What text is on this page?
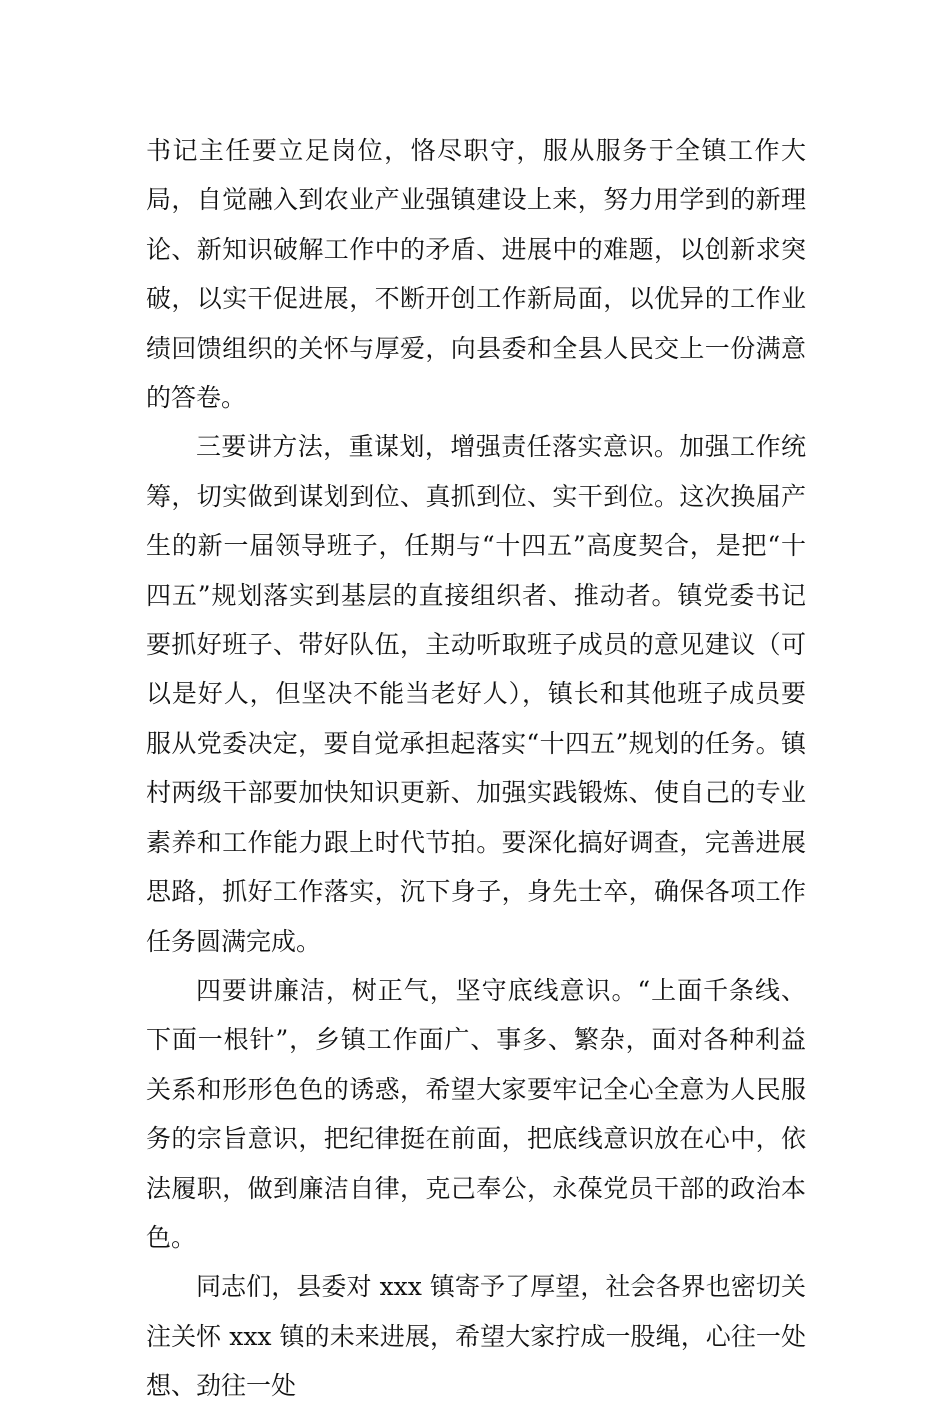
书记主任要立足岗位，恪尽职守，服从服务于全镇工作大局，自觉融入到农业产业强镇建设上来，努力用学到的新理论、新知识破解工作中的矛盾、进展中的难题，以创新求突破，以实干促进展，不断开创工作新局面，以优异的工作业绩回馈组织的关怀与厚爱，向县委和全县人民交上一份满意的答卷。

三要讲方法，重谋划，增强责任落实意识。加强工作统筹，切实做到谋划到位、真抓到位、实干到位。这次换届产生的新一届领导班子，任期与“十四五”高度契合，是把“十四五”规划落实到基层的直接组织者、推动者。镇党委书记要抓好班子、带好队伍，主动听取班子成员的意见建议（可以是好人，但坚决不能当老好人），镇长和其他班子成员要服从党委决定，要自觉承担起落实“十四五”规划的任务。镇村两级干部要加快知识更新、加强实践锻炼、使自己的专业素养和工作能力跟上时代节拍。要深化搞好调查，完善进展思路，抓好工作落实，沉下身子，身先士卒，确保各项工作任务圆满完成。

四要讲廉洁，树正气，坚守底线意识。“上面千条线、下面一根针”，乡镇工作面广、事多、繁杂，面对各种利益关系和形形色色的诱惑，希望大家要牢记全心全意为人民服务的宗旨意识，把纪律挺在前面，把底线意识放在心中，依法履职，做到廉洁自律，克己奉公，永葆党员干部的政治本色。

同志们，县委对 xxx 镇寄予了厚望，社会各界也密切关注关怀 xxx 镇的未来进展，希望大家拧成一股绳，心往一处想、劲往一处
